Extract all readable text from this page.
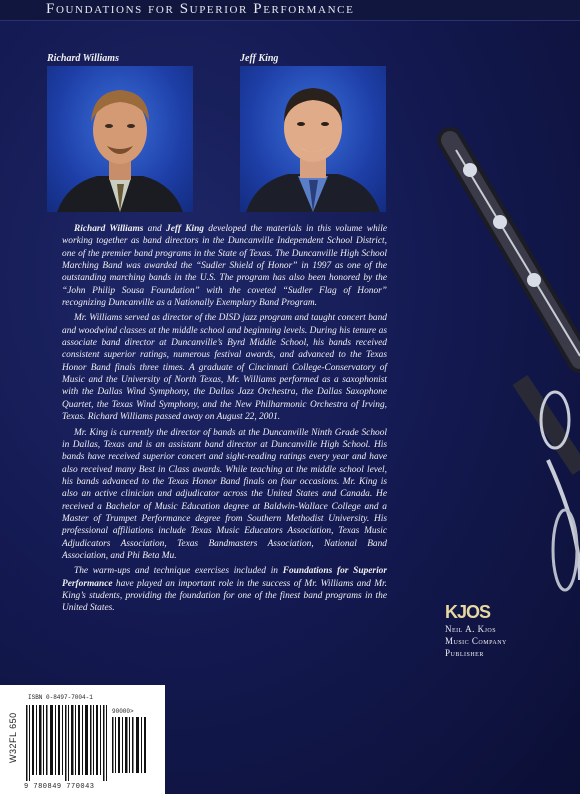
Foundations for Superior Performance
Richard Williams	Jeff King

Richard Williams and Jeff King developed the materials in this volume while working together as band directors in the Duncanville Independent School District, one of the premier band programs in the State of Texas. The Duncanville High School Marching Band was awarded the “Sudler Shield of Honor” in 1997 as one of the outstanding marching bands in the U.S. The program has also been honored by the “John Philip Sousa Foundation” with the coveted “Sudler Flag of Honor” recognizing Duncanville as a Nationally Exemplary Band Program.

Mr. Williams served as director of the DISD jazz program and taught concert band and woodwind classes at the middle school and beginning levels. During his tenure as associate band director at Duncanville’s Byrd Middle School, his bands received consistent superior ratings, numerous festival awards, and advanced to the Texas Honor Band finals three times. A graduate of Cincinnati College-Conservatory of Music and the University of North Texas, Mr. Williams performed as a saxophonist with the Dallas Wind Symphony, the Dallas Jazz Orchestra, the Dallas Saxophone Quartet, the Texas Wind Symphony, and the New Philharmonic Orchestra of Irving, Texas. Richard Williams passed away on August 22, 2001.

Mr. King is currently the director of bands at the Duncanville Ninth Grade School in Dallas, Texas and is an assistant band director at Duncanville High School. His bands have received superior concert and sight-reading ratings every year and have also received many Best in Class awards. While teaching at the middle school level, his bands advanced to the Texas Honor Band finals on four occasions. Mr. King is also an active clinician and adjudicator across the United States and Canada. He received a Bachelor of Music Education degree at Baldwin-Wallace College and a Master of Trumpet Performance degree from Southern Methodist University. His professional affiliations include Texas Music Educators Association, Texas Music Adjudicators Association, Texas Bandmasters Association, National Band Association, and Phi Beta Mu.

The warm-ups and technique exercises included in Foundations for Superior Performance have played an important role in the success of Mr. Williams and Mr. King’s students, providing the foundation for one of the finest band programs in the United States.	KJOS
Neil A. Kjos
Music Company
Publisher
W32FL 650
ISBN 0-8497-7004-1
90000>
9 780849 770043
